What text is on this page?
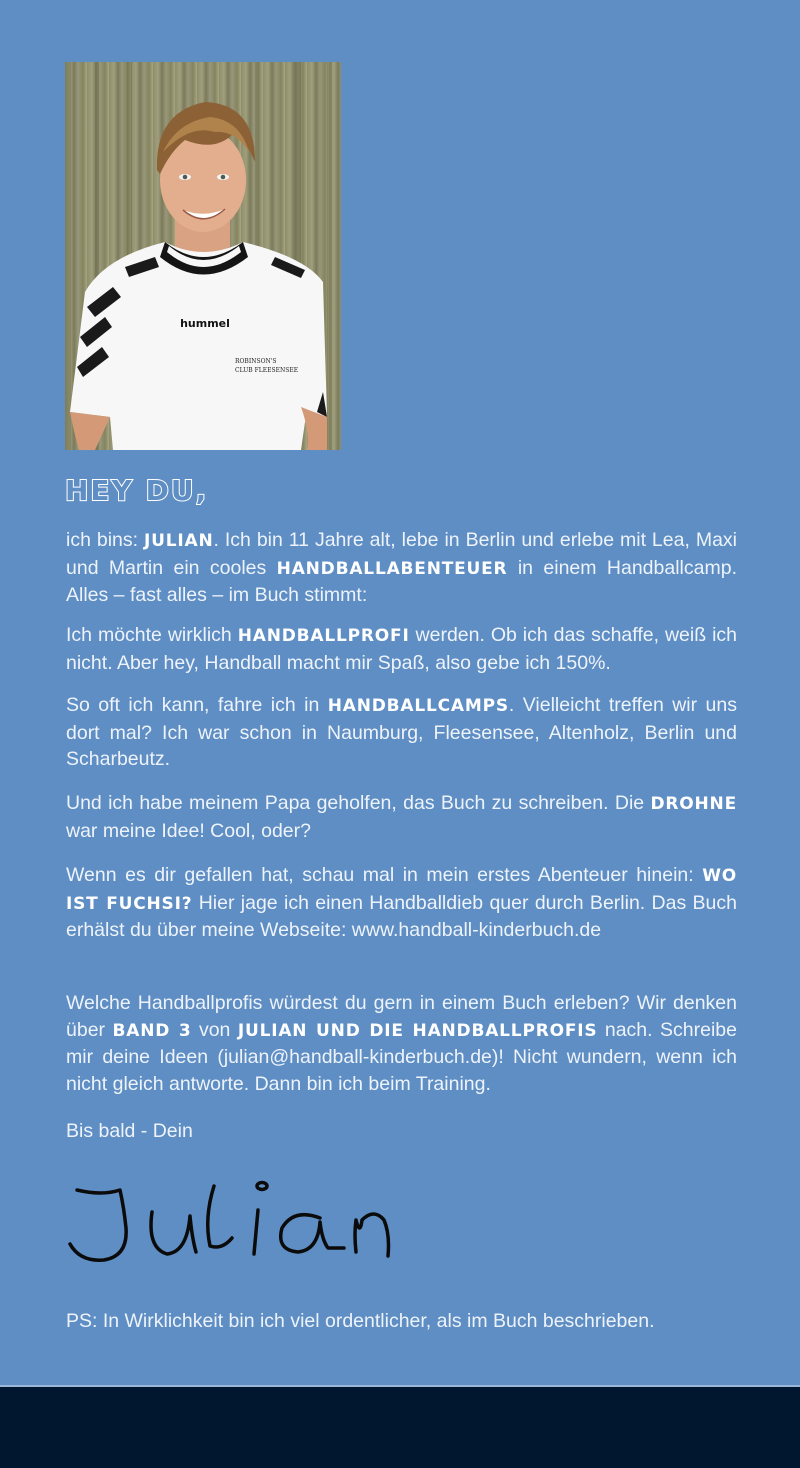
hummel
ROBINSON'S
CLUB FLEESENSEE
HEY DU,

ich bins: JULIAN. Ich bin 11 Jahre alt, lebe in Berlin und erlebe mit Lea, Maxi und Martin ein cooles HANDBALLABENTEUER in einem Handballcamp. Alles – fast alles – im Buch stimmt:

Ich möchte wirklich HANDBALLPROFI werden. Ob ich das schaffe, weiß ich nicht. Aber hey, Handball macht mir Spaß, also gebe ich 150%.

So oft ich kann, fahre ich in HANDBALLCAMPS. Vielleicht treffen wir uns dort mal? Ich war schon in Naumburg, Fleesensee, Altenholz, Berlin und Scharbeutz.

Und ich habe meinem Papa geholfen, das Buch zu schreiben. Die DROHNE war meine Idee! Cool, oder?

Wenn es dir gefallen hat, schau mal in mein erstes Abenteuer hinein: WO IST FUCHSI? Hier jage ich einen Handballdieb quer durch Berlin. Das Buch erhälst du über meine Webseite: www.handball-kinderbuch.de

Welche Handballprofis würdest du gern in einem Buch erleben? Wir denken über BAND 3 von JULIAN UND DIE HANDBALLPROFIS nach. Schreibe mir deine Ideen (julian@handball-kinderbuch.de)! Nicht wundern, wenn ich nicht gleich antworte. Dann bin ich beim Training.

Bis bald - Dein

PS: In Wirklichkeit bin ich viel ordentlicher, als im Buch beschrieben.
